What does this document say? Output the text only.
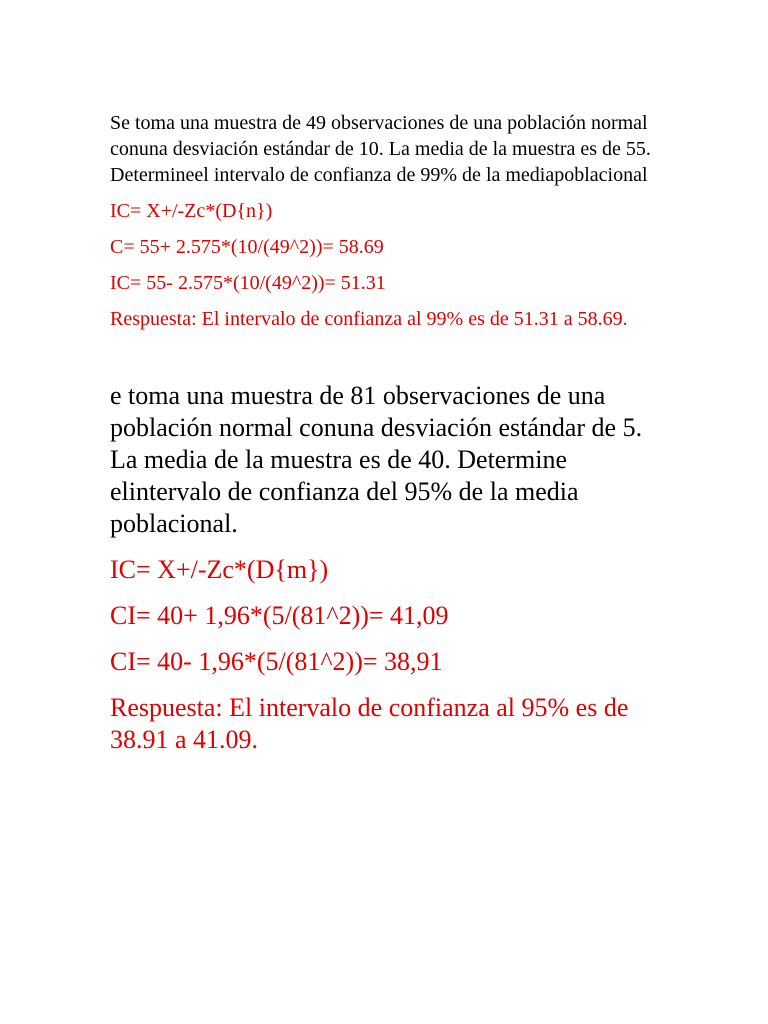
Se toma una muestra de 49 observaciones de una población normal conuna desviación estándar de 10. La media de la muestra es de 55. Determineel intervalo de confianza de 99% de la mediapoblacional

IC= X+/-Zc*(D{n})

C= 55+ 2.575*(10/(49^2))= 58.69

IC= 55- 2.575*(10/(49^2))= 51.31

Respuesta: El intervalo de confianza al 99% es de 51.31 a 58.69.

e toma una muestra de 81 observaciones de una población normal conuna desviación estándar de 5. La media de la muestra es de 40. Determine elintervalo de confianza del 95% de la media poblacional.

IC= X+/-Zc*(D{m})

CI= 40+ 1,96*(5/(81^2))= 41,09

CI= 40- 1,96*(5/(81^2))= 38,91

Respuesta: El intervalo de confianza al 95% es de 38.91 a 41.09.
